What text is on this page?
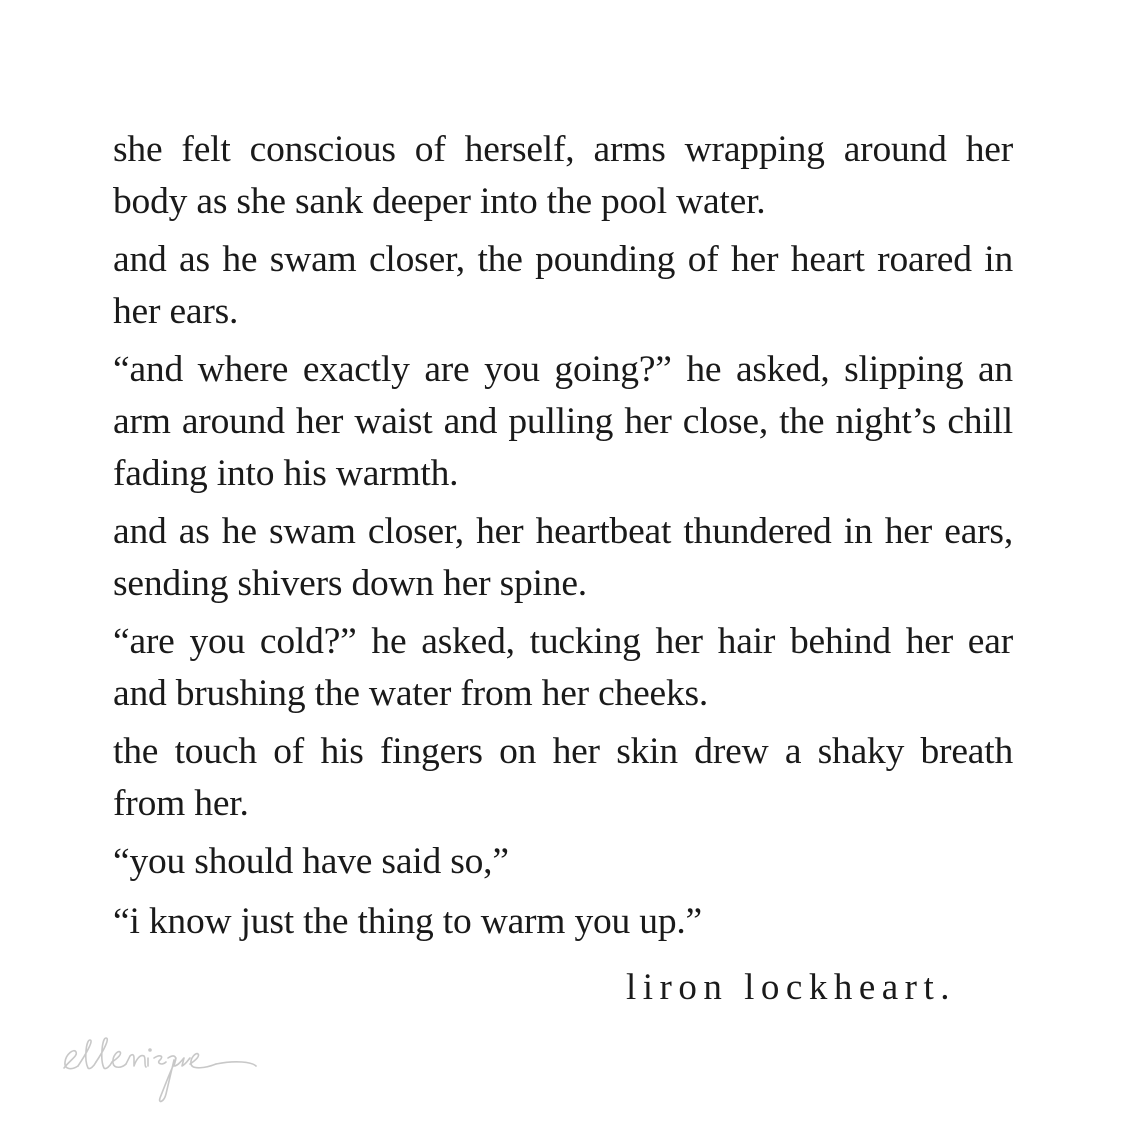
she felt conscious of herself, arms wrapping around her body as she sank deeper into the pool water.

and as he swam closer, the pounding of her heart roared in her ears.

“and where exactly are you going?” he asked, slipping an arm around her waist and pulling her close, the night’s chill fading into his warmth.

and as he swam closer, her heartbeat thundered in her ears, sending shivers down her spine.

“are you cold?” he asked, tucking her hair behind her ear and brushing the water from her cheeks.

the touch of his fingers on her skin drew a shaky breath from her.

“you should have said so,”

“i know just the thing to warm you up.”

liron lockheart.
